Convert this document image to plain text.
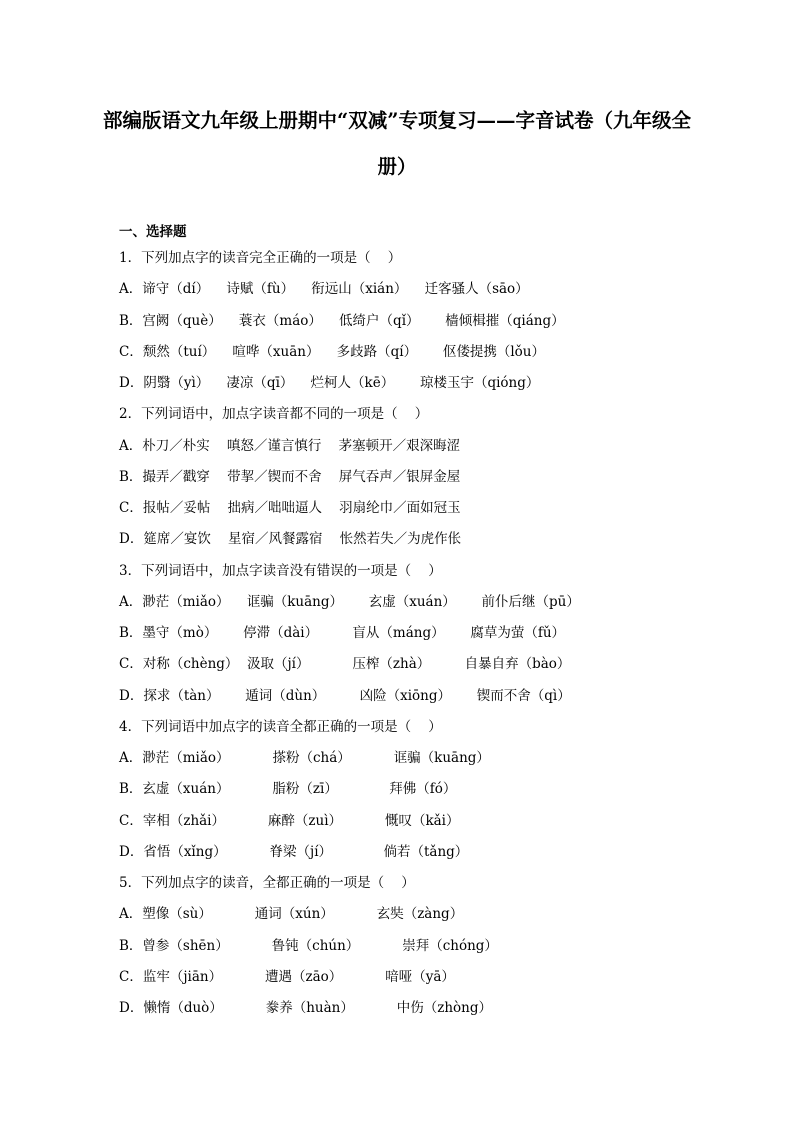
部编版语文九年级上册期中“双减”专项复习——字音试卷（九年级全册）
一、选择题
1．下列加点字的读音完全正确的一项是（    ）
A．谛守（dí）    诗赋（fù）    衔远山（xián）    迁客骚人（sāo）
B．宫阙（què）    蓑衣（máo）    低绮户（qǐ）      樯倾楫摧（qiáng）
C．颓然（tuí）    喧哗（xuān）    多歧路（qí）      伛偻提携（lǒu）
D．阴翳（yì）    凄凉（qī）    烂柯人（kē）      琼楼玉宇（qióng）
2．下列词语中，加点字读音都不同的一项是（    ）
A．朴刀／朴实    嗔怒／谨言慎行    茅塞顿开／艰深晦涩
B．撮弄／戳穿    带挈／锲而不舍    屏气吞声／银屏金屋
C．报帖／妥帖    拙病／咄咄逼人    羽扇纶巾／面如冠玉
D．筵席／宴饮    星宿／风餐露宿    怅然若失／为虎作伥
3．下列词语中，加点字读音没有错误的一项是（    ）
A．渺茫（miǎo）    诓骗（kuāng）      玄虚（xuán）      前仆后继（pū）
B．墨守（mò）      停滞（dài）        盲从（máng）      腐草为萤（fǔ）
C．对称（chèng）  汲取（jí）          压榨（zhà）        自暴自弃（bào）
D．探求（tàn）      遁词（dùn）        凶险（xiōng）      锲而不舍（qì）
4．下列词语中加点字的读音全都正确的一项是（    ）
A．渺茫（miǎo）          搽粉（chá）          诓骗（kuāng）
B．玄虚（xuán）          脂粉（zī）            拜佛（fó）
C．宰相（zhǎi）          麻醉（zuì）          慨叹（kǎi）
D．省悟（xǐng）          脊梁（jí）            倘若（tǎng）
5．下列加点字的读音，全都正确的一项是（    ）
A．塑像（sù）          通词（xún）          玄奘（zàng）
B．曾参（shēn）          鲁钝（chún）          崇拜（chóng）
C．监牢（jiān）          遭遇（zāo）          喑哑（yā）
D．懒惰（duò）          豢养（huàn）          中伤（zhòng）
